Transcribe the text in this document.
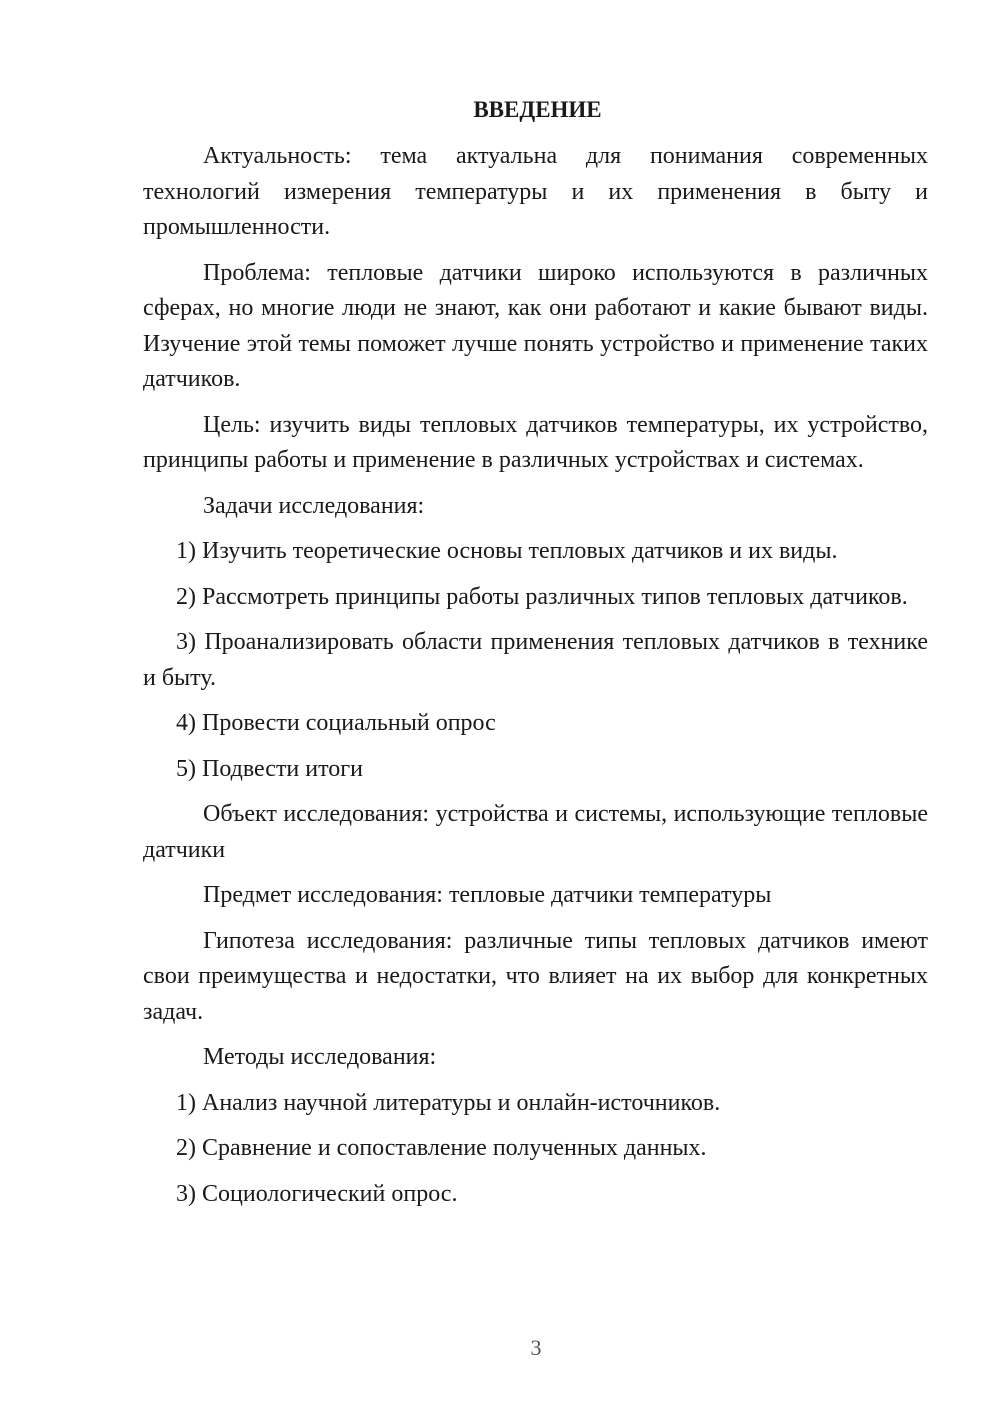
ВВЕДЕНИЕ

Актуальность: тема актуальна для понимания современных технологий измерения температуры и их применения в быту и промышленности.

Проблема: тепловые датчики широко используются в различных сферах, но многие люди не знают, как они работают и какие бывают виды. Изучение этой темы поможет лучше понять устройство и применение таких датчиков.

Цель: изучить виды тепловых датчиков температуры, их устройство, принципы работы и применение в различных устройствах и системах.

Задачи исследования:

1) Изучить теоретические основы тепловых датчиков и их виды.

2) Рассмотреть принципы работы различных типов тепловых датчиков.

3) Проанализировать области применения тепловых датчиков в технике и быту.

4) Провести социальный опрос

5) Подвести итоги

Объект исследования: устройства и системы, использующие тепловые датчики

Предмет исследования: тепловые датчики температуры

Гипотеза исследования: различные типы тепловых датчиков имеют свои преимущества и недостатки, что влияет на их выбор для конкретных задач.

Методы исследования:

1) Анализ научной литературы и онлайн-источников.

2) Сравнение и сопоставление полученных данных.

3) Социологический опрос.

3
